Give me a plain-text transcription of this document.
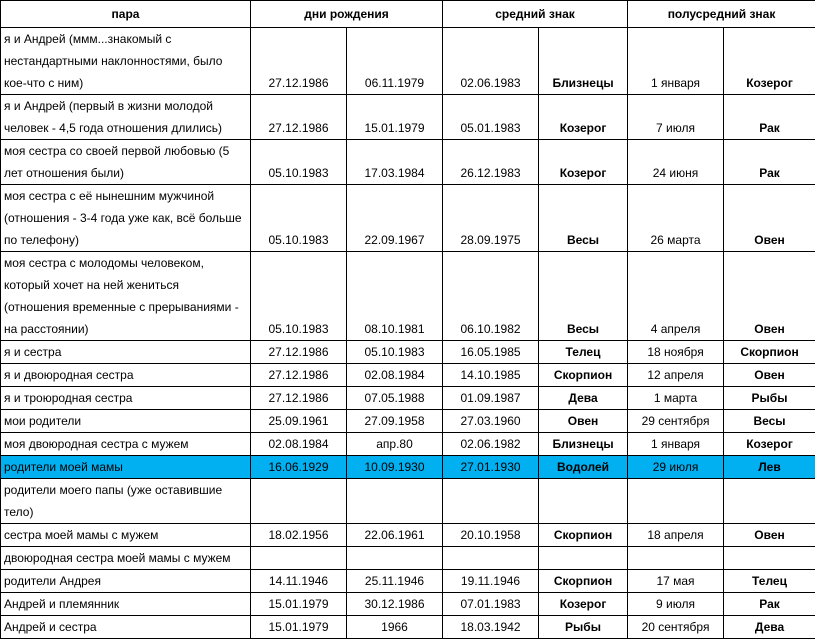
пара	дни рождения		средний знак		полусредний знак	
я и Андрей (ммм...знакомый с нестандартными наклонностями, было кое-что с ним)	27.12.1986	06.11.1979	02.06.1983	Близнецы	1 января	Козерог
я и Андрей (первый в жизни молодой человек - 4,5 года отношения длились)	27.12.1986	15.01.1979	05.01.1983	Козерог	7 июля	Рак
моя сестра со своей первой любовью (5 лет отношения были)	05.10.1983	17.03.1984	26.12.1983	Козерог	24 июня	Рак
моя сестра с её нынешним мужчиной (отношения - 3-4 года уже как, всё больше по телефону)	05.10.1983	22.09.1967	28.09.1975	Весы	26 марта	Овен
моя сестра с молодомы человеком, который хочет на ней жениться (отношения временные с прерываниями - на расстоянии)	05.10.1983	08.10.1981	06.10.1982	Весы	4 апреля	Овен
я и сестра	27.12.1986	05.10.1983	16.05.1985	Телец	18 ноября	Скорпион
я и двоюродная сестра	27.12.1986	02.08.1984	14.10.1985	Скорпион	12 апреля	Овен
я и троюродная сестра	27.12.1986	07.05.1988	01.09.1987	Дева	1 марта	Рыбы
мои родители	25.09.1961	27.09.1958	27.03.1960	Овен	29 сентября	Весы
моя двоюродная сестра с мужем	02.08.1984	апр.80	02.06.1982	Близнецы	1 января	Козерог
родители моей мамы	16.06.1929	10.09.1930	27.01.1930	Водолей	29 июля	Лев
родители моего папы (уже оставившие тело)						
сестра моей мамы с мужем	18.02.1956	22.06.1961	20.10.1958	Скорпион	18 апреля	Овен
двоюродная сестра моей мамы с мужем						
родители Андрея	14.11.1946	25.11.1946	19.11.1946	Скорпион	17 мая	Телец
Андрей и племянник	15.01.1979	30.12.1986	07.01.1983	Козерог	9 июля	Рак
Андрей и сестра	15.01.1979	1966	18.03.1942	Рыбы	20 сентября	Дева
